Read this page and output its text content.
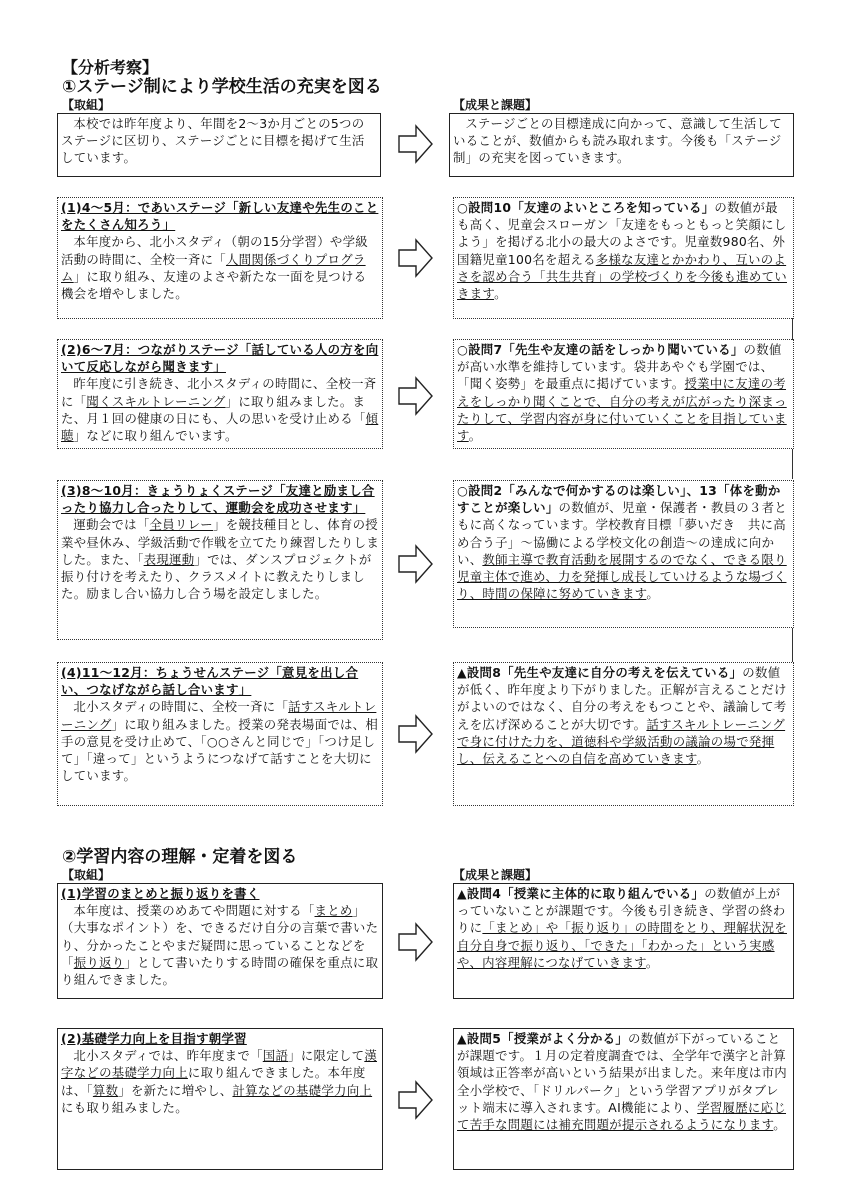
【分析考察】
①ステージ制により学校生活の充実を図る
【取組】	【成果と課題】
本校では昨年度より、年間を2～3か月ごとの5つのステージに区切り、ステージごとに目標を掲げて生活しています。
ステージごとの目標達成に向かって、意識して生活していることが、数値からも読み取れます。今後も「ステージ制」の充実を図っていきます。
(1)4～5月：であいステージ「新しい友達や先生のことをたくさん知ろう」
本年度から、北小スタディ（朝の15分学習）や学級活動の時間に、全校一斉に「人間関係づくりプログラム」に取り組み、友達のよさや新たな一面を見つける機会を増やしました。
○設問10「友達のよいところを知っている」の数値が最も高く、児童会スローガン「友達をもっともっと笑顔にしよう」を掲げる北小の最大のよさです。児童数980名、外国籍児童100名を超える多様な友達とかかわり、互いのよさを認め合う「共生共育」の学校づくりを今後も進めていきます。
(2)6～7月：つながりステージ「話している人の方を向いて反応しながら聞きます」
昨年度に引き続き、北小スタディの時間に、全校一斉に「聞くスキルトレーニング」に取り組みました。また、月１回の健康の日にも、人の思いを受け止める「傾聴」などに取り組んでいます。
○設問7「先生や友達の話をしっかり聞いている」の数値が高い水準を維持しています。袋井あやぐも学園では、「聞く姿勢」を最重点に掲げています。授業中に友達の考えをしっかり聞くことで、自分の考えが広がったり深まったりして、学習内容が身に付いていくことを目指しています。
(3)8～10月：きょうりょくステージ「友達と励まし合ったり協力し合ったりして、運動会を成功させます」
運動会では「全員リレー」を競技種目とし、体育の授業や昼休み、学級活動で作戦を立てたり練習したりしました。また、「表現運動」では、ダンスプロジェクトが振り付けを考えたり、クラスメイトに教えたりしました。励まし合い協力し合う場を設定しました。
○設問2「みんなで何かするのは楽しい」、13「体を動かすことが楽しい」の数値が、児童・保護者・教員の３者ともに高くなっています。学校教育目標「夢いだき　共に高め合う子」～協働による学校文化の創造～の達成に向かい、教師主導で教育活動を展開するのでなく、できる限り児童主体で進め、力を発揮し成長していけるような場づくり、時間の保障に努めていきます。
(4)11～12月：ちょうせんステージ「意見を出し合い、つなげながら話し合います」
北小スタディの時間に、全校一斉に「話すスキルトレーニング」に取り組みました。授業の発表場面では、相手の意見を受け止めて、「○○さんと同じで」「つけ足して」「違って」というようにつなげて話すことを大切にしています。
▲設問8「先生や友達に自分の考えを伝えている」の数値が低く、昨年度より下がりました。正解が言えることだけがよいのではなく、自分の考えをもつことや、議論して考えを広げ深めることが大切です。話すスキルトレーニングで身に付けた力を、道徳科や学級活動の議論の場で発揮し、伝えることへの自信を高めていきます。
②学習内容の理解・定着を図る
【取組】	【成果と課題】
(1)学習のまとめと振り返りを書く
本年度は、授業のめあてや問題に対する「まとめ」（大事なポイント）を、できるだけ自分の言葉で書いたり、分かったことやまだ疑問に思っていることなどを「振り返り」として書いたりする時間の確保を重点に取り組んできました。
▲設問4「授業に主体的に取り組んでいる」の数値が上がっていないことが課題です。今後も引き続き、学習の終わりに「まとめ」や「振り返り」の時間をとり、理解状況を自分自身で振り返り、「できた」「わかった」という実感や、内容理解につなげていきます。
(2)基礎学力向上を目指す朝学習
北小スタディでは、昨年度まで「国語」に限定して漢字などの基礎学力向上に取り組んできました。本年度は、「算数」を新たに増やし、計算などの基礎学力向上にも取り組みました。
▲設問5「授業がよく分かる」の数値が下がっていることが課題です。１月の定着度調査では、全学年で漢字と計算領域は正答率が高いという結果が出ました。来年度は市内全小学校で、「ドリルパーク」という学習アプリがタブレット端末に導入されます。AI機能により、学習履歴に応じて苦手な問題には補充問題が提示されるようになります。
